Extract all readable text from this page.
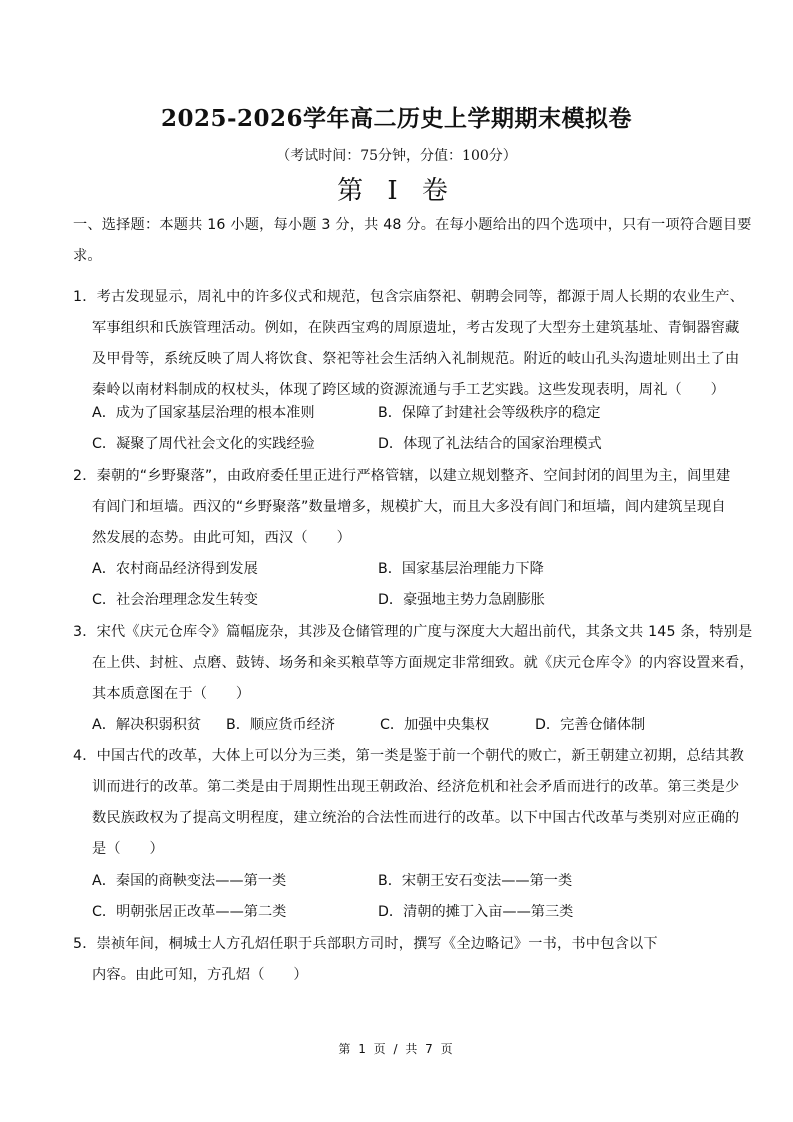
2025-2026学年高二历史上学期期末模拟卷
（考试时间：75分钟，分值：100分）
第 I 卷
一、选择题：本题共 16 小题，每小题 3 分，共 48 分。在每小题给出的四个选项中，只有一项符合题目要
求。
1．考古发现显示，周礼中的许多仪式和规范，包含宗庙祭祀、朝聘会同等，都源于周人长期的农业生产、
军事组织和氏族管理活动。例如，在陕西宝鸡的周原遗址，考古发现了大型夯土建筑基址、青铜器窖藏
及甲骨等，系统反映了周人将饮食、祭祀等社会生活纳入礼制规范。附近的岐山孔头沟遗址则出土了由
秦岭以南材料制成的权杖头，体现了跨区域的资源流通与手工艺实践。这些发现表明，周礼（　　）
A．成为了国家基层治理的根本准则	B．保障了封建社会等级秩序的稳定
C．凝聚了周代社会文化的实践经验	D．体现了礼法结合的国家治理模式
2．秦朝的“乡野聚落”，由政府委任里正进行严格管辖，以建立规划整齐、空间封闭的闾里为主，闾里建
有闾门和垣墙。西汉的“乡野聚落”数量增多，规模扩大，而且大多没有闾门和垣墙，闾内建筑呈现自
然发展的态势。由此可知，西汉（　　）
A．农村商品经济得到发展	B．国家基层治理能力下降
C．社会治理理念发生转变	D．豪强地主势力急剧膨胀
3．宋代《庆元仓库令》篇幅庞杂，其涉及仓储管理的广度与深度大大超出前代，其条文共 145 条，特别是
在上供、封桩、点磨、鼓铸、场务和籴买粮草等方面规定非常细致。就《庆元仓库令》的内容设置来看，
其本质意图在于（　　）
A．解决积弱积贫 B．顺应货币经济	C．加强中央集权	D．完善仓储体制
4．中国古代的改革，大体上可以分为三类，第一类是鉴于前一个朝代的败亡，新王朝建立初期，总结其教
训而进行的改革。第二类是由于周期性出现王朝政治、经济危机和社会矛盾而进行的改革。第三类是少
数民族政权为了提高文明程度，建立统治的合法性而进行的改革。以下中国古代改革与类别对应正确的
是（　　）
A．秦国的商鞅变法——第一类	B．宋朝王安石变法——第一类
C．明朝张居正改革——第二类	D．清朝的摊丁入亩——第三类
5．崇祯年间，桐城士人方孔炤任职于兵部职方司时，撰写《全边略记》一书，书中包含以下
内容。由此可知，方孔炤（　　）
第 1 页 / 共 7 页
